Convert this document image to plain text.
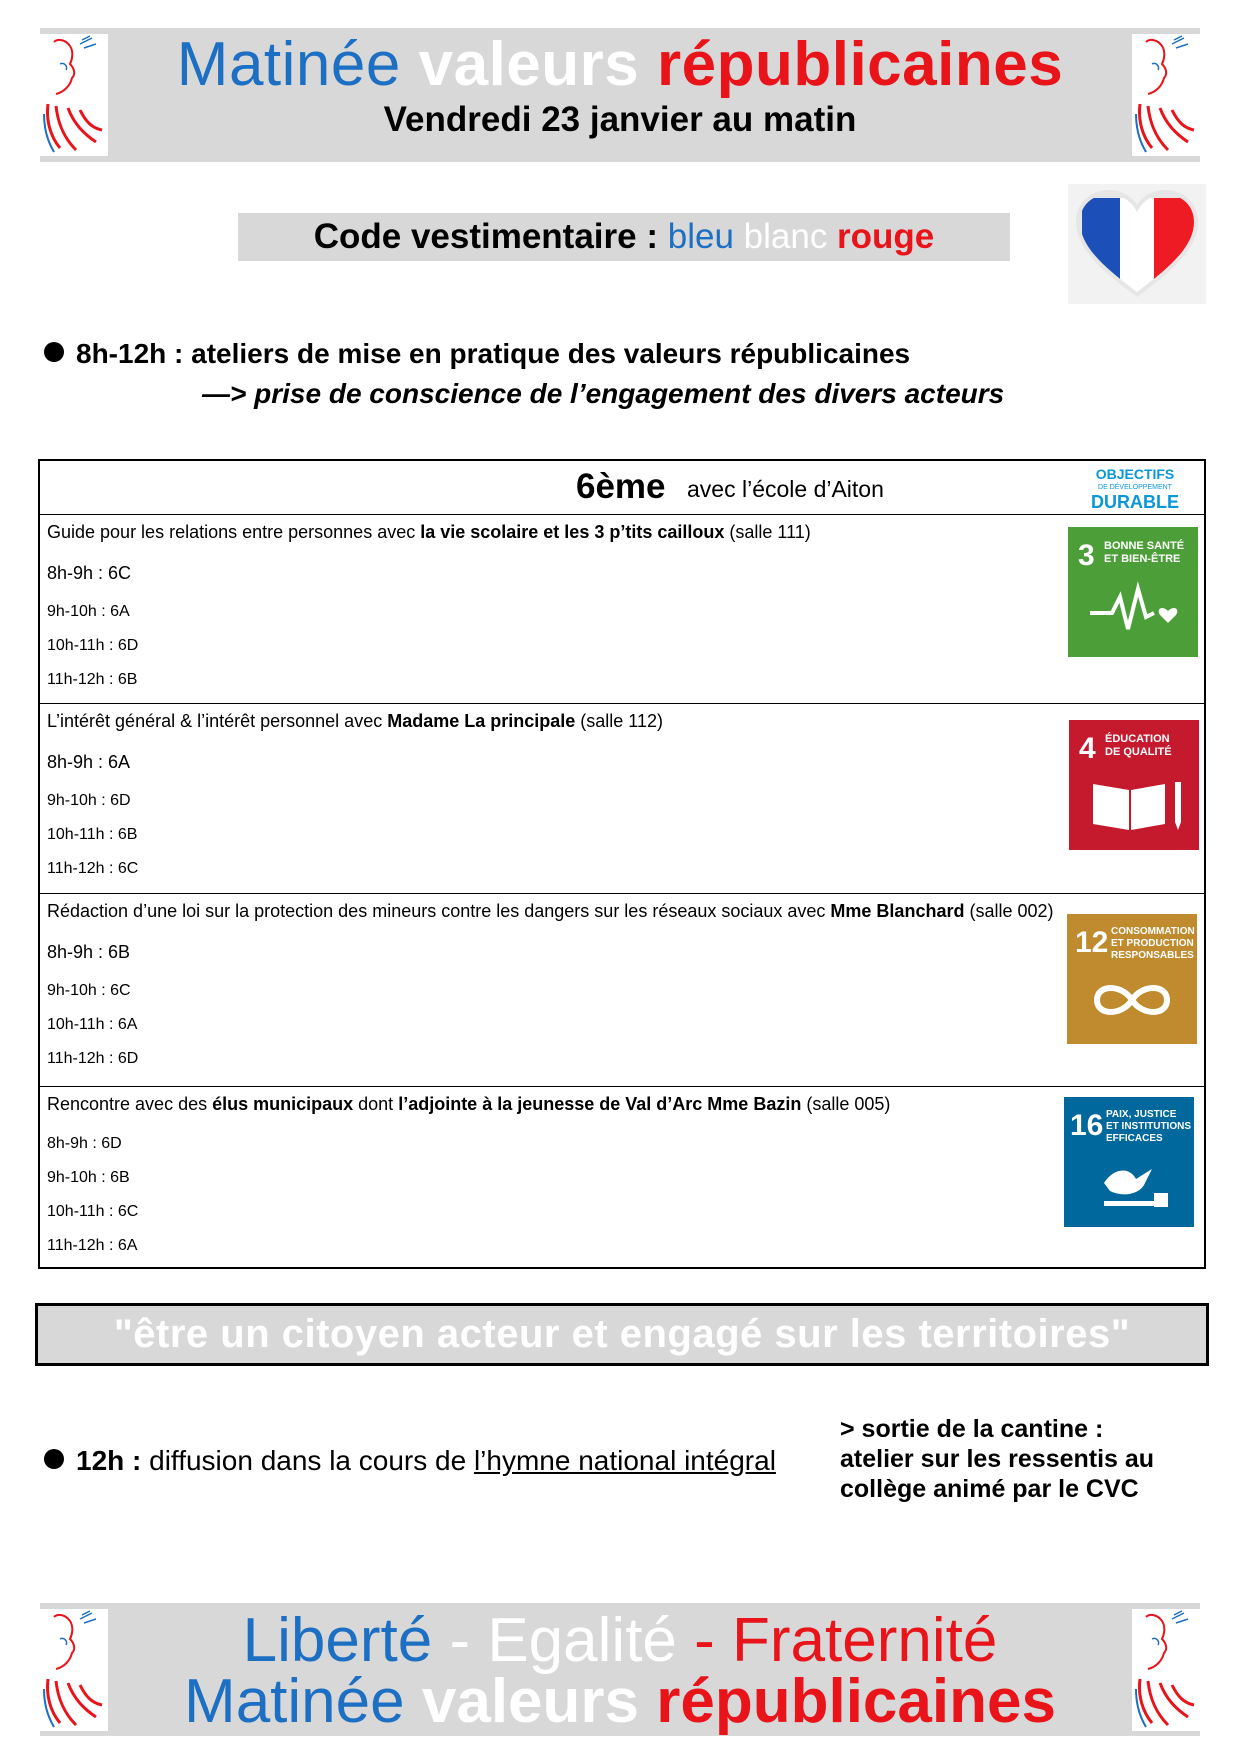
Matinée valeurs républicaines
Vendredi 23 janvier au matin
Code vestimentaire : bleu blanc rouge
8h-12h : ateliers de mise en pratique des valeurs républicaines
—> prise de conscience de l’engagement des divers acteurs
6ème avec l’école d’Aiton
OBJECTIFS
DE DÉVELOPPEMENT
DURABLE
Guide pour les relations entre personnes avec la vie scolaire et les 3 p’tits cailloux (salle 111)
8h-9h : 6C
9h-10h : 6A
10h-11h : 6D
11h-12h : 6B
3 BONNE SANTÉ
ET BIEN-ÊTRE
L’intérêt général & l’intérêt personnel avec Madame La principale (salle 112)
8h-9h : 6A
9h-10h : 6D
10h-11h : 6B
11h-12h : 6C
4 ÉDUCATION
DE QUALITÉ
Rédaction d’une loi sur la protection des mineurs contre les dangers sur les réseaux sociaux avec Mme Blanchard (salle 002)
8h-9h : 6B
9h-10h : 6C
10h-11h : 6A
11h-12h : 6D
12 CONSOMMATION
ET PRODUCTION
RESPONSABLES
Rencontre avec des élus municipaux dont l’adjointe à la jeunesse de Val d’Arc Mme Bazin (salle 005)
8h-9h : 6D
9h-10h : 6B
10h-11h : 6C
11h-12h : 6A
16 PAIX, JUSTICE
ET INSTITUTIONS
EFFICACES
"être un citoyen acteur et engagé sur les territoires"
12h : diffusion dans la cours de l’hymne national intégral
> sortie de la cantine :
atelier sur les ressentis au
collège animé par le CVC
Liberté - Egalité - Fraternité
Matinée valeurs républicaines
